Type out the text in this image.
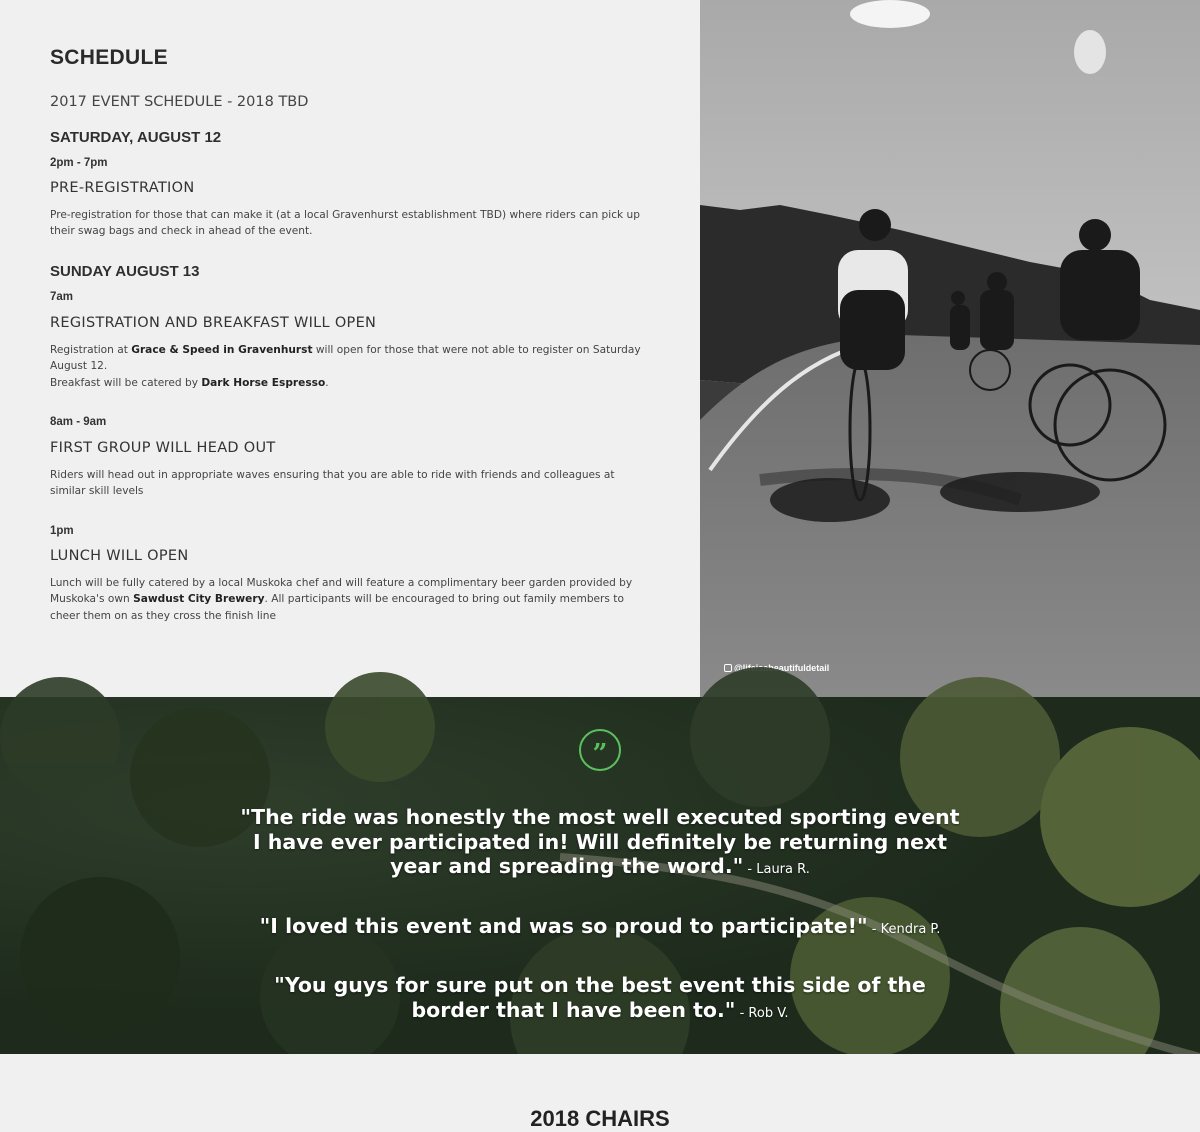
SCHEDULE
2017 EVENT SCHEDULE - 2018 TBD
SATURDAY, AUGUST 12
2pm - 7pm
PRE-REGISTRATION
Pre-registration for those that can make it (at a local Gravenhurst establishment TBD) where riders can pick up their swag bags and check in ahead of the event.
SUNDAY AUGUST 13
7am
REGISTRATION AND BREAKFAST WILL OPEN
Registration at Grace & Speed in Gravenhurst will open for those that were not able to register on Saturday August 12.
Breakfast will be catered by Dark Horse Espresso.
8am - 9am
FIRST GROUP WILL HEAD OUT
Riders will head out in appropriate waves ensuring that you are able to ride with friends and colleagues at similar skill levels
1pm
LUNCH WILL OPEN
Lunch will be fully catered by a local Muskoka chef and will feature a complimentary beer garden provided by Muskoka's own Sawdust City Brewery. All participants will be encouraged to bring out family members to cheer them on as they cross the finish line
@lifeisabeautifuldetail
”
"The ride was honestly the most well executed sporting event I have ever participated in! Will definitely be returning next year and spreading the word." - Laura R.
"I loved this event and was so proud to participate!" - Kendra P.
"You guys for sure put on the best event this side of the border that I have been to." - Rob V.
2018 CHAIRS
